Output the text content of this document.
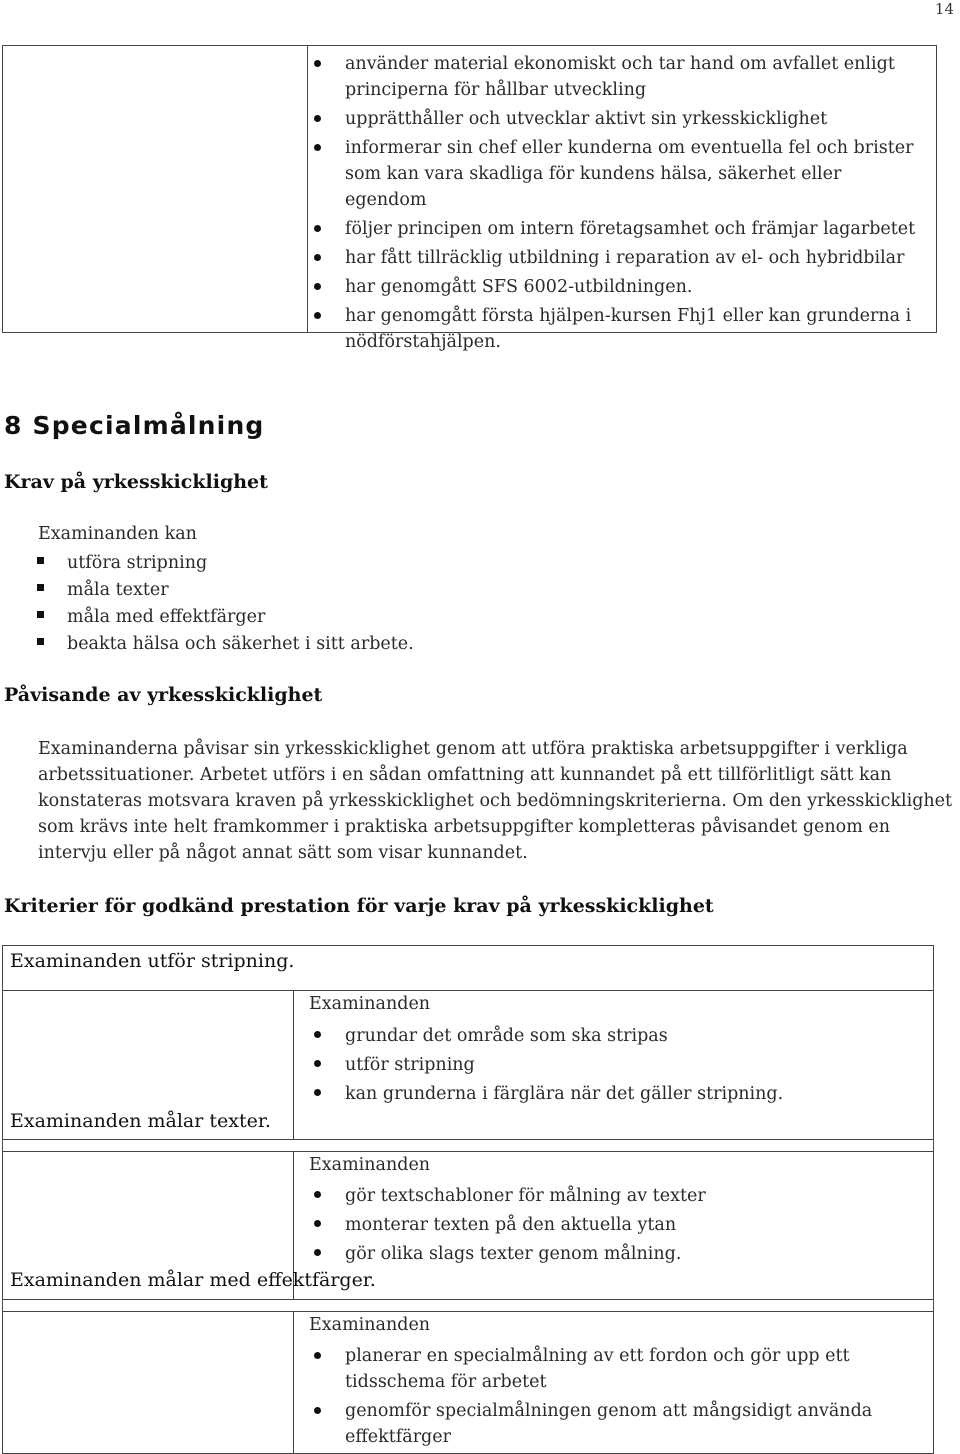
14
använder material ekonomiskt och tar hand om avfallet enligt principerna för hållbar utveckling
upprätthåller och utvecklar aktivt sin yrkesskicklighet
informerar sin chef eller kunderna om eventuella fel och brister som kan vara skadliga för kundens hälsa, säkerhet eller egendom
följer principen om intern företagsamhet och främjar lagarbetet
har fått tillräcklig utbildning i reparation av el- och hybridbilar
har genomgått SFS 6002-utbildningen.
har genomgått första hjälpen-kursen Fhj1 eller kan grunderna i nödförstahjälpen.
8 Specialmålning
Krav på yrkesskicklighet
Examinanden kan
utföra stripning
måla texter
måla med effektfärger
beakta hälsa och säkerhet i sitt arbete.
Påvisande av yrkesskicklighet
Examinanderna påvisar sin yrkesskicklighet genom att utföra praktiska arbetsuppgifter i verkliga arbetssituationer. Arbetet utförs i en sådan omfattning att kunnandet på ett tillförlitligt sätt kan konstateras motsvara kraven på yrkesskicklighet och bedömningskriterierna. Om den yrkesskicklighet som krävs inte helt framkommer i praktiska arbetsuppgifter kompletteras påvisandet genom en intervju eller på något annat sätt som visar kunnandet.
Kriterier för godkänd prestation för varje krav på yrkesskicklighet
Examinanden utför stripning.
Examinanden
grundar det område som ska stripas
utför stripning
kan grunderna i färglära när det gäller stripning.
Examinanden målar texter.
Examinanden
gör textschabloner för målning av texter
monterar texten på den aktuella ytan
gör olika slags texter genom målning.
Examinanden målar med effektfärger.
Examinanden
planerar en specialmålning av ett fordon och gör upp ett tidsschema för arbetet
genomför specialmålningen genom att mångsidigt använda effektfärger
